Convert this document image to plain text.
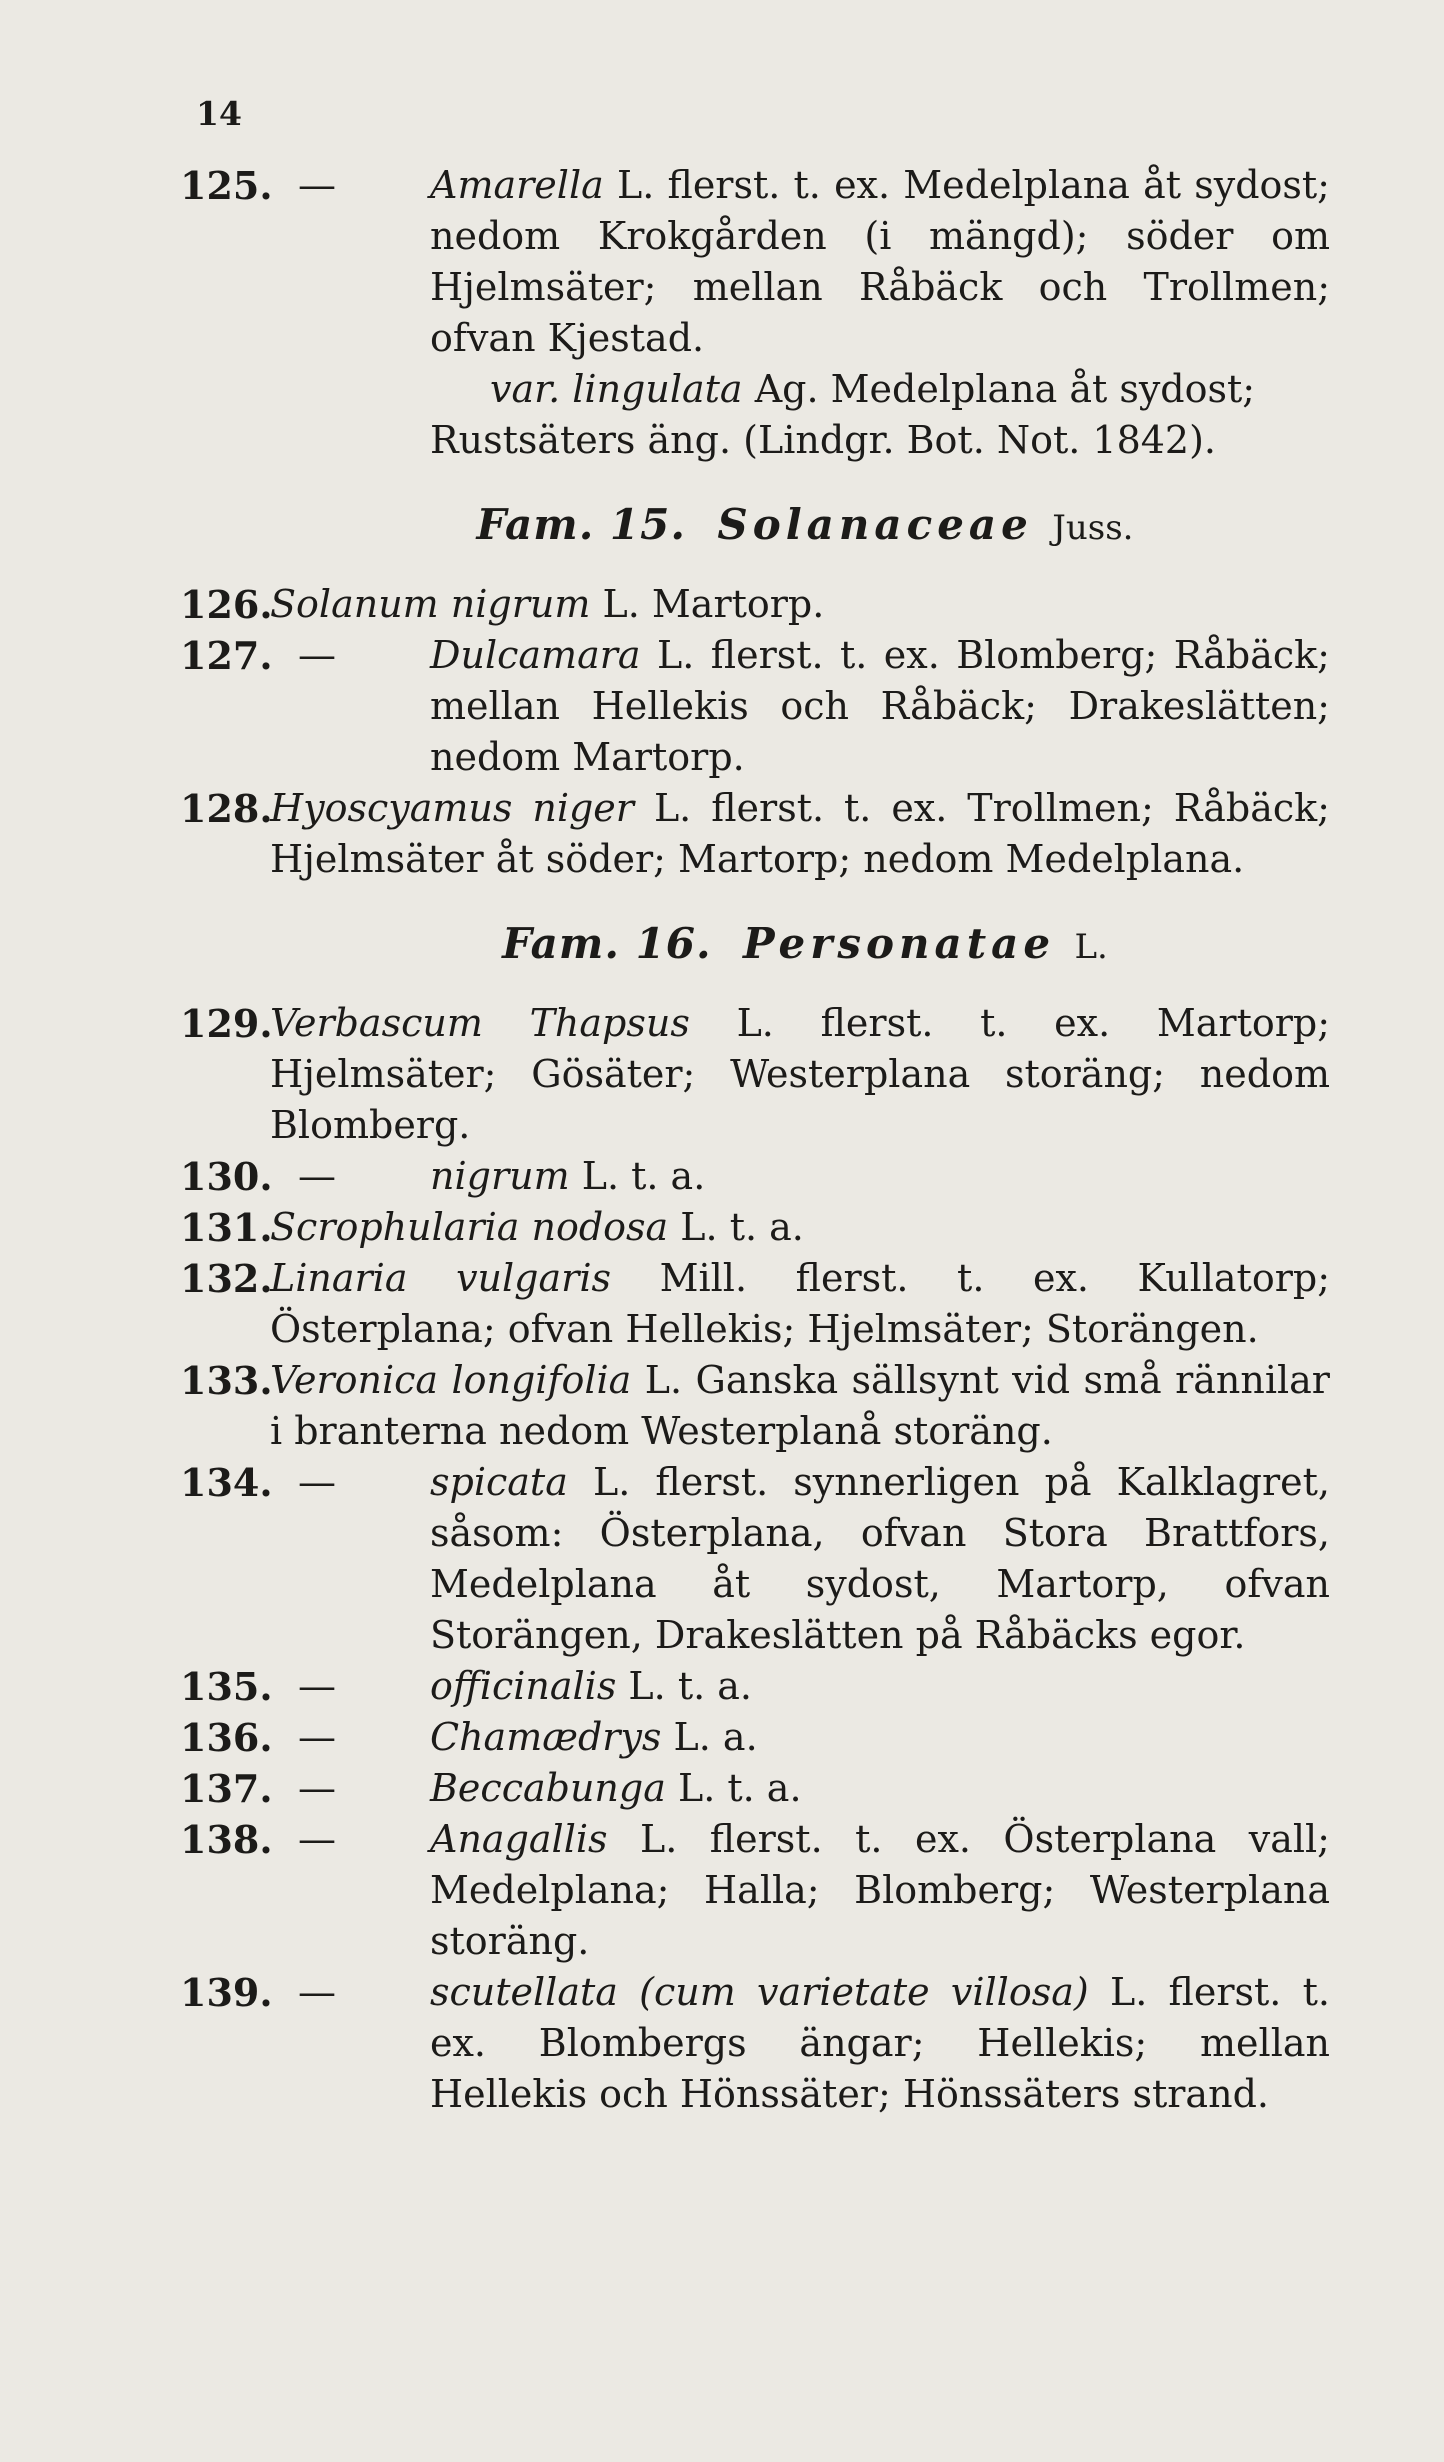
14
125. — Amarella L. flerst. t. ex. Medelplana åt sydost; nedom Krokgården (i mängd); söder om Hjelmsäter; mellan Råbäck och Trollmen; ofvan Kjestad.
var. lingulata Ag. Medelplana åt sydost; Rustsäters äng. (Lindgr. Bot. Not. 1842).
Fam. 15. Solanaceae Juss.
126.
Solanum nigrum L. Martorp.
127. — Dulcamara L. flerst. t. ex. Blomberg; Råbäck; mellan Hellekis och Råbäck; Drakeslätten; nedom Martorp.
128.
Hyoscyamus niger L. flerst. t. ex. Trollmen; Råbäck; Hjelmsäter åt söder; Martorp; nedom Medelplana.
Fam. 16. Personatae L.
129.
Verbascum Thapsus L. flerst. t. ex. Martorp; Hjelmsäter; Gösäter; Westerplana storäng; nedom Blomberg.
130. — nigrum L. t. a.
131.
Scrophularia nodosa L. t. a.
132.
Linaria vulgaris Mill. flerst. t. ex. Kullatorp; Österplana; ofvan Hellekis; Hjelmsäter; Storängen.
133.
Veronica longifolia L. Ganska sällsynt vid små rännilar i branterna nedom Westerplanå storäng.
134. — spicata L. flerst. synnerligen på Kalklagret, såsom: Österplana, ofvan Stora Brattfors, Medelplana åt sydost, Martorp, ofvan Storängen, Drakeslätten på Råbäcks egor.
135. — officinalis L. t. a.
136. — Chamædrys L. a.
137. — Beccabunga L. t. a.
138. — Anagallis L. flerst. t. ex. Österplana vall; Medelplana; Halla; Blomberg; Westerplana storäng.
139. — scutellata (cum varietate villosa) L. flerst. t. ex. Blombergs ängar; Hellekis; mellan Hellekis och Hönssäter; Hönssäters strand.
